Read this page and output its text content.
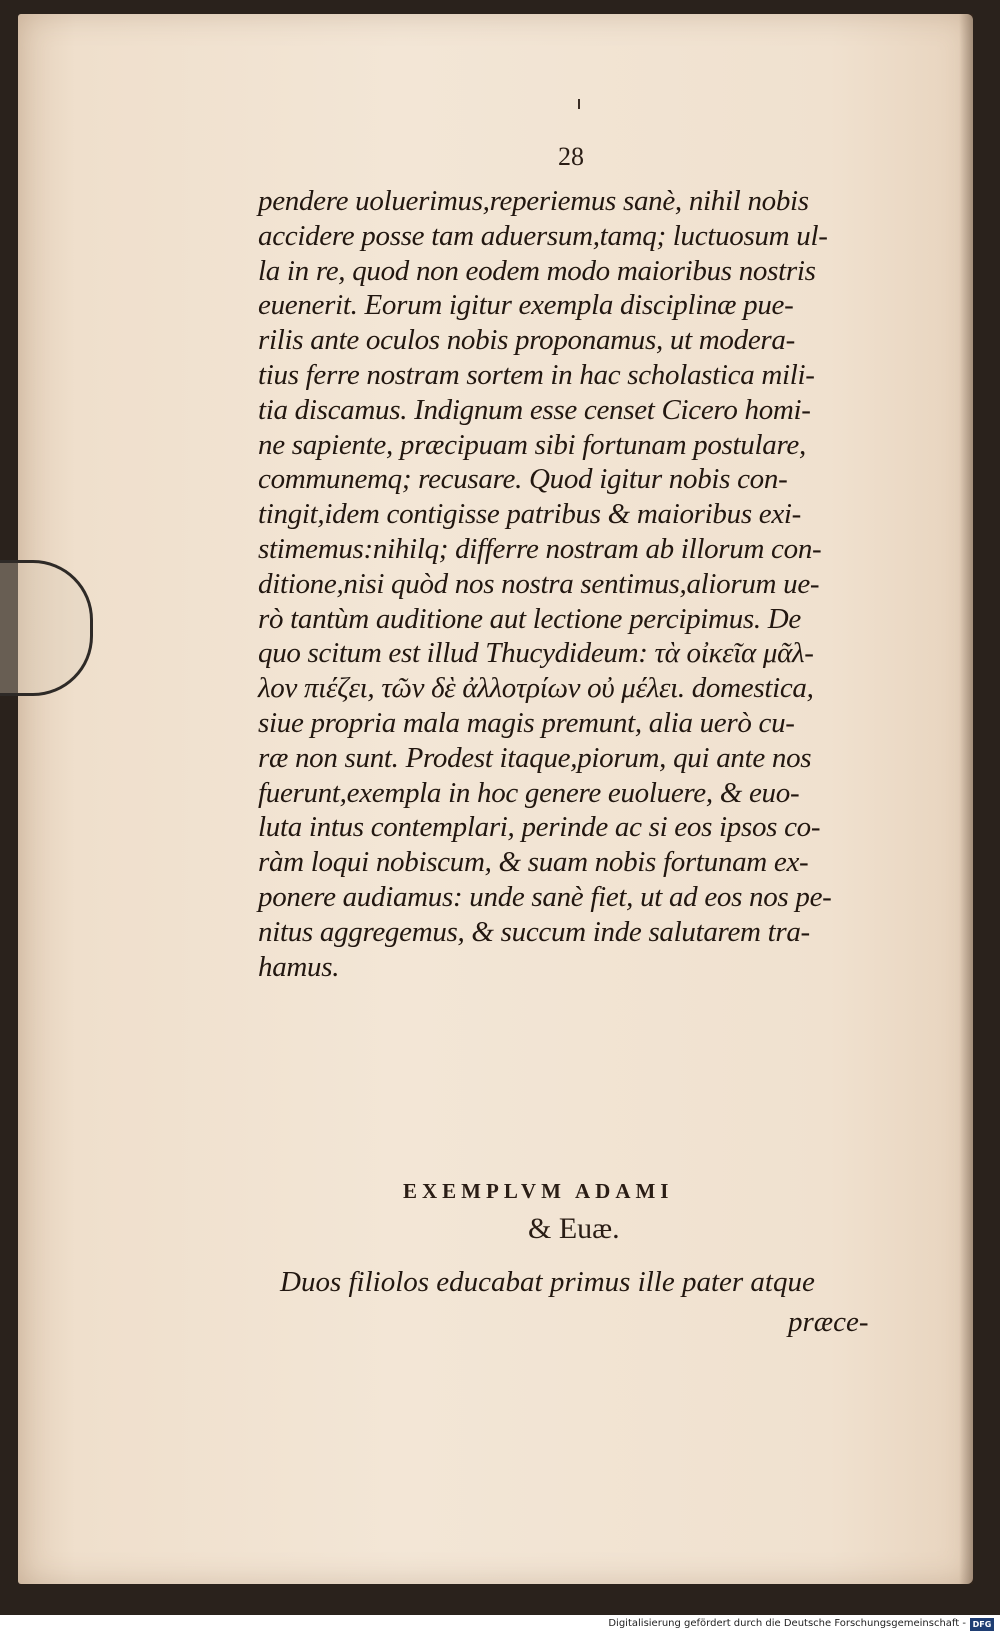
28
pendere uoluerimus,reperiemus sanè, nihil nobis
accidere posse tam aduersum,tamq; luctuosum ul-
la in re, quod non eodem modo maioribus nostris
euenerit. Eorum igitur exempla disciplinæ pue-
rilis ante oculos nobis proponamus, ut modera-
tius ferre nostram sortem in hac scholastica mili-
tia discamus. Indignum esse censet Cicero homi-
ne sapiente, præcipuam sibi fortunam postulare,
communemq; recusare. Quod igitur nobis con-
tingit,idem contigisse patribus & maioribus exi-
stimemus:nihilq; differre nostram ab illorum con-
ditione,nisi quòd nos nostra sentimus,aliorum ue-
rò tantùm auditione aut lectione percipimus. De
quo scitum est illud Thucydideum: τὰ οἰκεῖα μᾶλ-
λον πιέζει, τῶν δὲ ἀλλοτρίων οὐ μέλει. domestica,
siue propria mala magis premunt, alia uerò cu-
ræ non sunt. Prodest itaque,piorum, qui ante nos
fuerunt,exempla in hoc genere euoluere, & euo-
luta intus contemplari, perinde ac si eos ipsos co-
ràm loqui nobiscum, & suam nobis fortunam ex-
ponere audiamus: unde sanè fiet, ut ad eos nos pe-
nitus aggregemus, & succum inde salutarem tra-
hamus.
EXEMPLVM ADAMI
& Euæ.
Duos filiolos educabat primus ille pater atque
præce-
Digitalisierung gefördert durch die Deutsche Forschungsgemeinschaft - DFG
